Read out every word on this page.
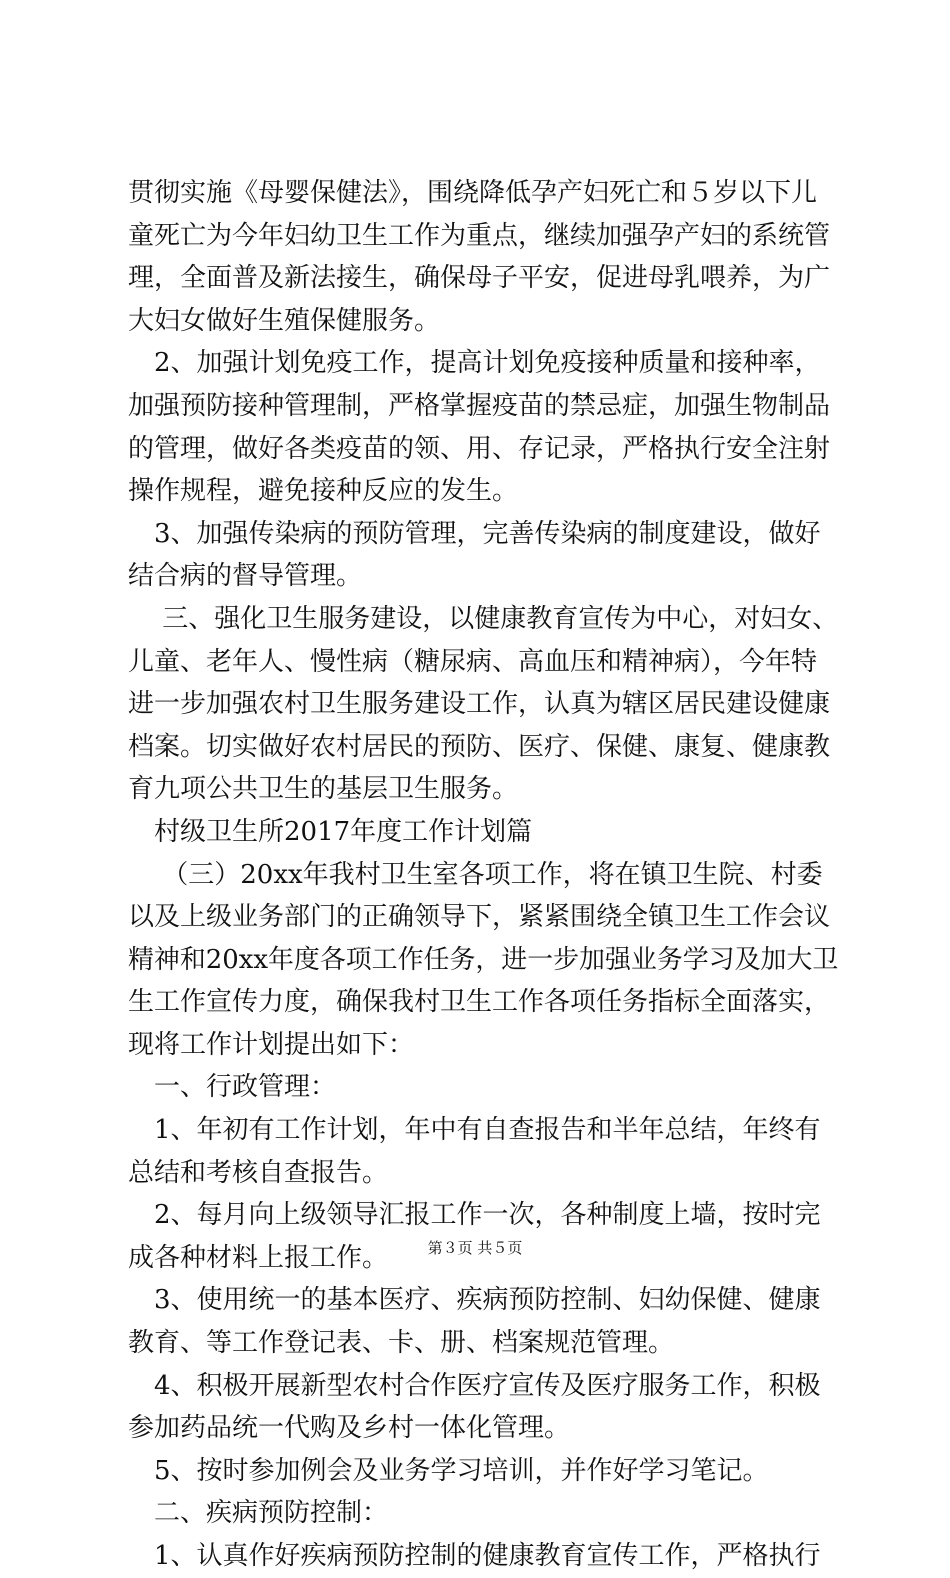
贯彻实施《母婴保健法》，围绕降低孕产妇死亡和５岁以下儿
童死亡为今年妇幼卫生工作为重点，继续加强孕产妇的系统管
理，全面普及新法接生，确保母子平安，促进母乳喂养，为广
大妇女做好生殖保健服务。
　2、加强计划免疫工作，提高计划免疫接种质量和接种率，
加强预防接种管理制，严格掌握疫苗的禁忌症，加强生物制品
的管理，做好各类疫苗的领、用、存记录，严格执行安全注射
操作规程，避免接种反应的发生。
　3、加强传染病的预防管理，完善传染病的制度建设，做好
结合病的督导管理。
　 三、强化卫生服务建设，以健康教育宣传为中心，对妇女、
儿童、老年人、慢性病（糖尿病、高血压和精神病），今年特
进一步加强农村卫生服务建设工作，认真为辖区居民建设健康
档案。切实做好农村居民的预防、医疗、保健、康复、健康教
育九项公共卫生的基层卫生服务。
　村级卫生所2017年度工作计划篇
　 （三）20xx年我村卫生室各项工作，将在镇卫生院、村委
以及上级业务部门的正确领导下，紧紧围绕全镇卫生工作会议
精神和20xx年度各项工作任务，进一步加强业务学习及加大卫
生工作宣传力度，确保我村卫生工作各项任务指标全面落实，
现将工作计划提出如下：
　一、行政管理：
　1、年初有工作计划，年中有自查报告和半年总结，年终有
总结和考核自查报告。
　2、每月向上级领导汇报工作一次，各种制度上墙，按时完
成各种材料上报工作。
　3、使用统一的基本医疗、疾病预防控制、妇幼保健、健康
教育、等工作登记表、卡、册、档案规范管理。
　4、积极开展新型农村合作医疗宣传及医疗服务工作，积极
参加药品统一代购及乡村一体化管理。
　5、按时参加例会及业务学习培训，并作好学习笔记。
　二、疾病预防控制：
　1、认真作好疾病预防控制的健康教育宣传工作，严格执行
第３页 共５页
